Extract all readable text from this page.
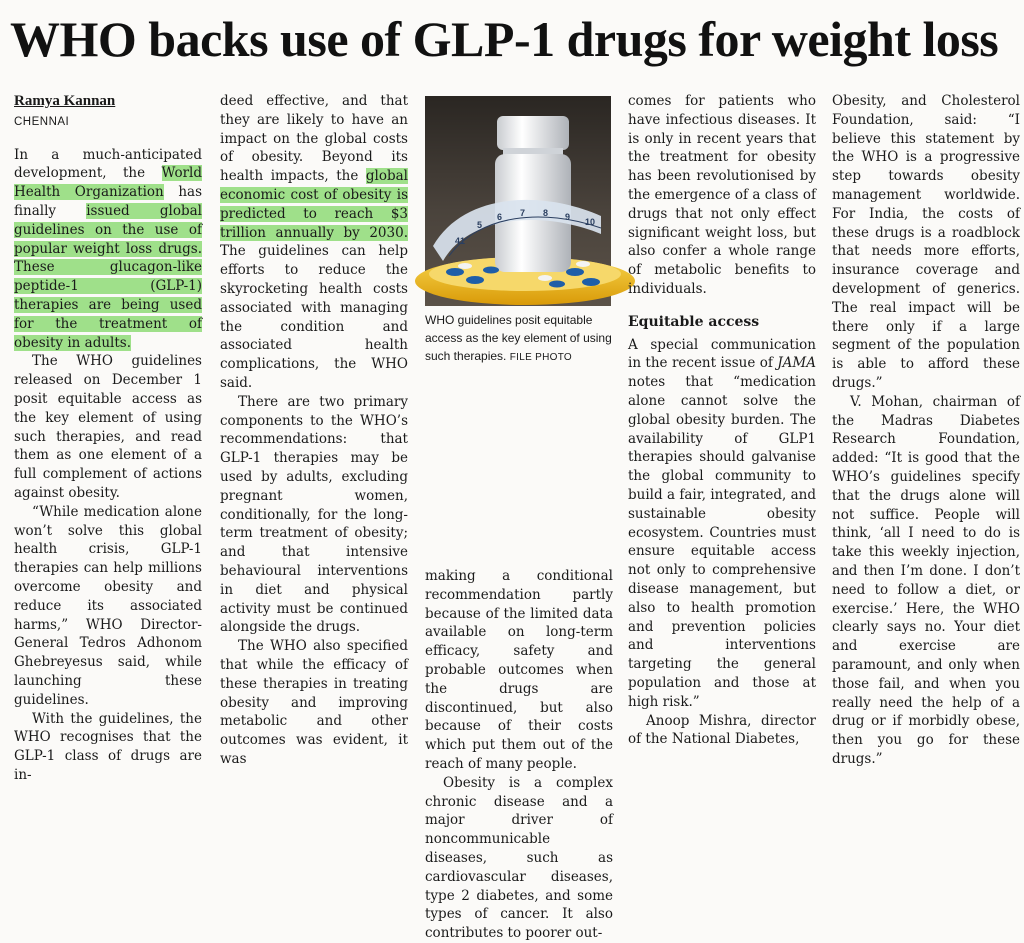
WHO backs use of GLP-1 drugs for weight loss
Ramya Kannan
CHENNAI

In a much-anticipated development, the World Health Organization has finally issued global guidelines on the use of popular weight loss drugs. These glucagon-like peptide-1 (GLP-1) therapies are being used for the treatment of obesity in adults.

The WHO guidelines released on December 1 posit equitable access as the key element of using such therapies, and read them as one element of a full complement of actions against obesity.

“While medication alone won’t solve this global health crisis, GLP-1 therapies can help millions overcome obesity and reduce its associated harms,” WHO Director-General Tedros Adhonom Ghebreyesus said, while launching these guidelines.

With the guidelines, the WHO recognises that the GLP-1 class of drugs are in-

deed effective, and that they are likely to have an impact on the global costs of obesity. Beyond its health impacts, the global economic cost of obesity is predicted to reach $3 trillion annually by 2030. The guidelines can help efforts to reduce the skyrocketing health costs associated with managing the condition and associated health complications, the WHO said.

There are two primary components to the WHO’s recommendations: that GLP-1 therapies may be used by adults, excluding pregnant women, conditionally, for the long-term treatment of obesity; and that intensive behavioural interventions in diet and physical activity must be continued alongside the drugs.

The WHO also specified that while the efficacy of these therapies in treating obesity and improving metabolic and other outcomes was evident, it was

41
5
6 7 8 9 10
WHO guidelines posit equitable access as the key element of using such therapies. FILE PHOTO

making a conditional recommendation partly because of the limited data available on long-term efficacy, safety and probable outcomes when the drugs are discontinued, but also because of their costs which put them out of the reach of many people.

Obesity is a complex chronic disease and a major driver of noncommunicable diseases, such as cardiovascular diseases, type 2 diabetes, and some types of cancer. It also contributes to poorer out-

comes for patients who have infectious diseases. It is only in recent years that the treatment for obesity has been revolutionised by the emergence of a class of drugs that not only effect significant weight loss, but also confer a whole range of metabolic benefits to individuals.

Equitable access

A special communication in the recent issue of JAMA notes that “medication alone cannot solve the global obesity burden. The availability of GLP1 therapies should galvanise the global community to build a fair, integrated, and sustainable obesity ecosystem. Countries must ensure equitable access not only to comprehensive disease management, but also to health promotion and prevention policies and interventions targeting the general population and those at high risk.”

Anoop Mishra, director of the National Diabetes,

Obesity, and Cholesterol Foundation, said: “I believe this statement by the WHO is a progressive step towards obesity management worldwide. For India, the costs of these drugs is a roadblock that needs more efforts, insurance coverage and development of generics. The real impact will be there only if a large segment of the population is able to afford these drugs.”

V. Mohan, chairman of the Madras Diabetes Research Foundation, added: “It is good that the WHO’s guidelines specify that the drugs alone will not suffice. People will think, ‘all I need to do is take this weekly injection, and then I’m done. I don’t need to follow a diet, or exercise.’ Here, the WHO clearly says no. Your diet and exercise are paramount, and only when those fail, and when you really need the help of a drug or if morbidly obese, then you go for these drugs.”
